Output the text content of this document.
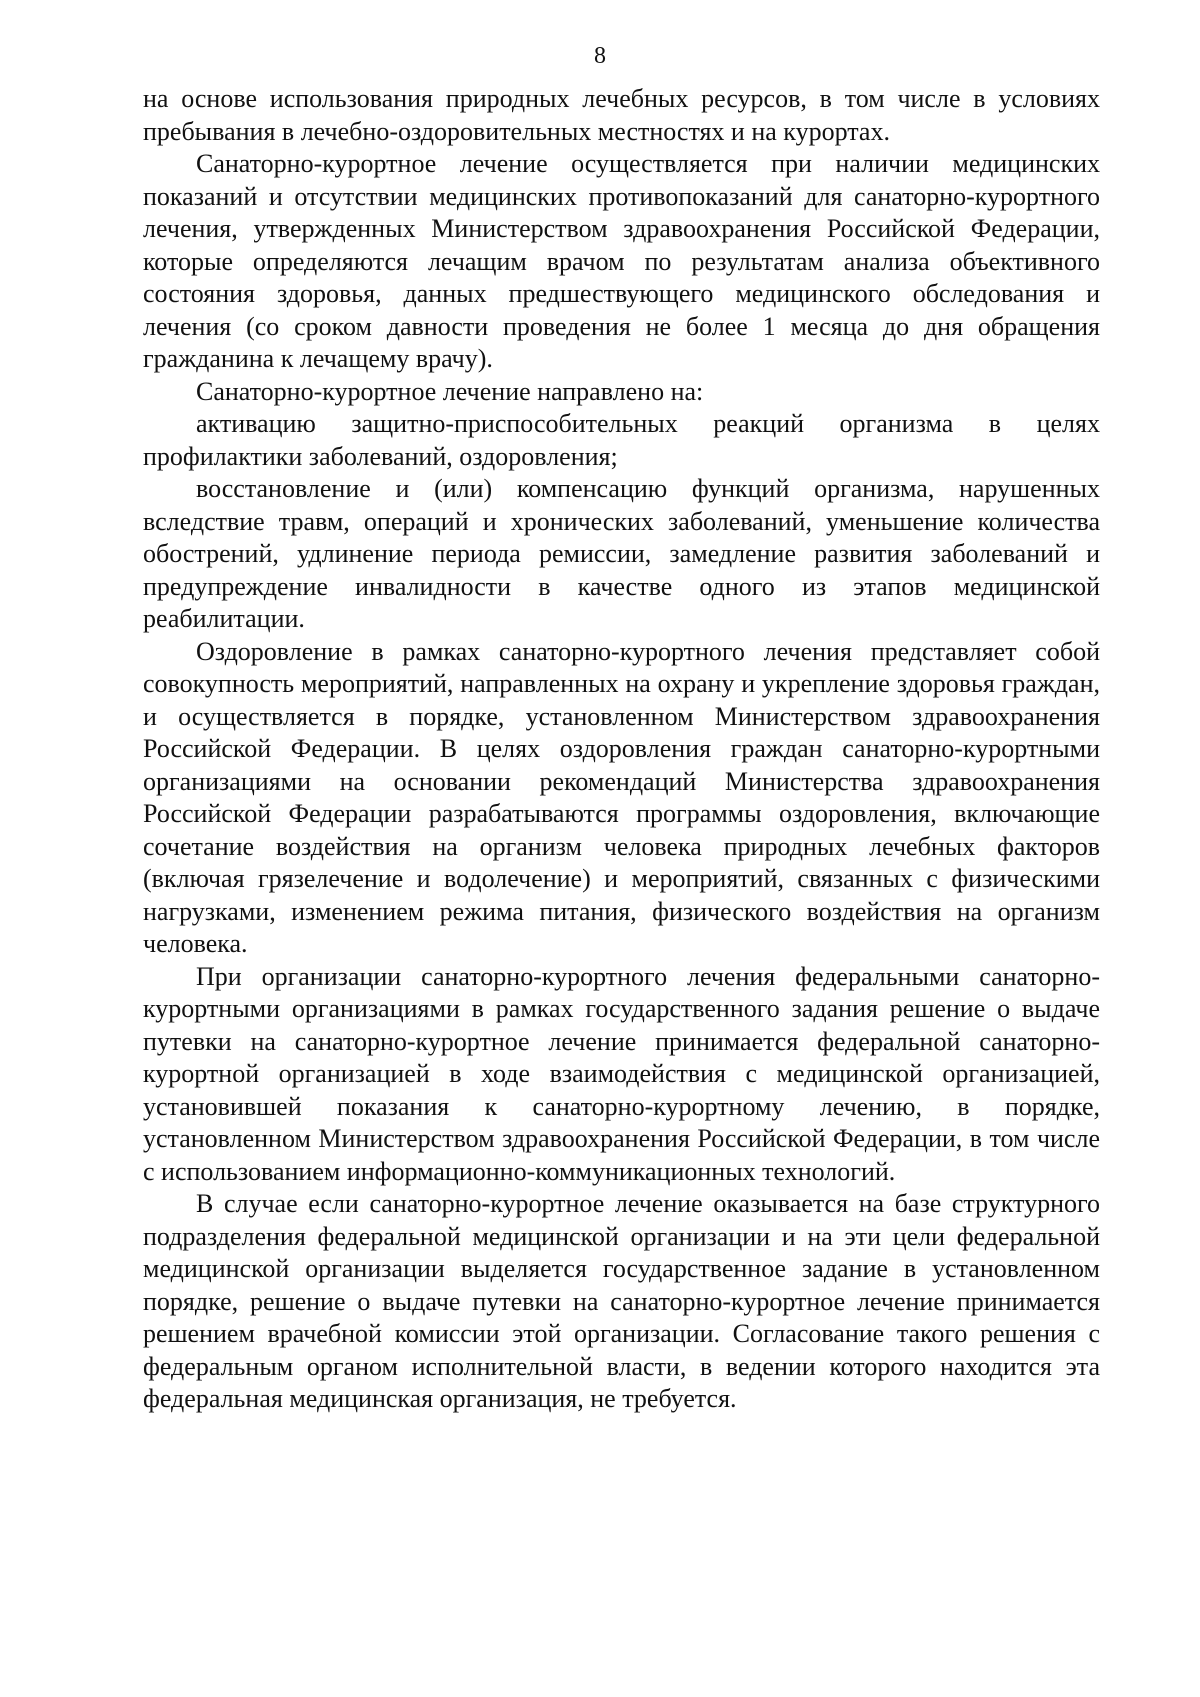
8

на основе использования природных лечебных ресурсов, в том числе в условиях пребывания в лечебно-оздоровительных местностях и на курортах.

Санаторно-курортное лечение осуществляется при наличии медицинских показаний и отсутствии медицинских противопоказаний для санаторно-курортного лечения, утвержденных Министерством здравоохранения Российской Федерации, которые определяются лечащим врачом по результатам анализа объективного состояния здоровья, данных предшествующего медицинского обследования и лечения (со сроком давности проведения не более 1 месяца до дня обращения гражданина к лечащему врачу).

Санаторно-курортное лечение направлено на:

активацию защитно-приспособительных реакций организма в целях профилактики заболеваний, оздоровления;

восстановление и (или) компенсацию функций организма, нарушенных вследствие травм, операций и хронических заболеваний, уменьшение количества обострений, удлинение периода ремиссии, замедление развития заболеваний и предупреждение инвалидности в качестве одного из этапов медицинской реабилитации.

Оздоровление в рамках санаторно-курортного лечения представляет собой совокупность мероприятий, направленных на охрану и укрепление здоровья граждан, и осуществляется в порядке, установленном Министерством здравоохранения Российской Федерации. В целях оздоровления граждан санаторно-курортными организациями на основании рекомендаций Министерства здравоохранения Российской Федерации разрабатываются программы оздоровления, включающие сочетание воздействия на организм человека природных лечебных факторов (включая грязелечение и водолечение) и мероприятий, связанных с физическими нагрузками, изменением режима питания, физического воздействия на организм человека.

При организации санаторно-курортного лечения федеральными санаторно-курортными организациями в рамках государственного задания решение о выдаче путевки на санаторно-курортное лечение принимается федеральной санаторно-курортной организацией в ходе взаимодействия с медицинской организацией, установившей показания к санаторно-курортному лечению, в порядке, установленном Министерством здравоохранения Российской Федерации, в том числе с использованием информационно-коммуникационных технологий.

В случае если санаторно-курортное лечение оказывается на базе структурного подразделения федеральной медицинской организации и на эти цели федеральной медицинской организации выделяется государственное задание в установленном порядке, решение о выдаче путевки на санаторно-курортное лечение принимается решением врачебной комиссии этой организации. Согласование такого решения с федеральным органом исполнительной власти, в ведении которого находится эта федеральная медицинская организация, не требуется.
